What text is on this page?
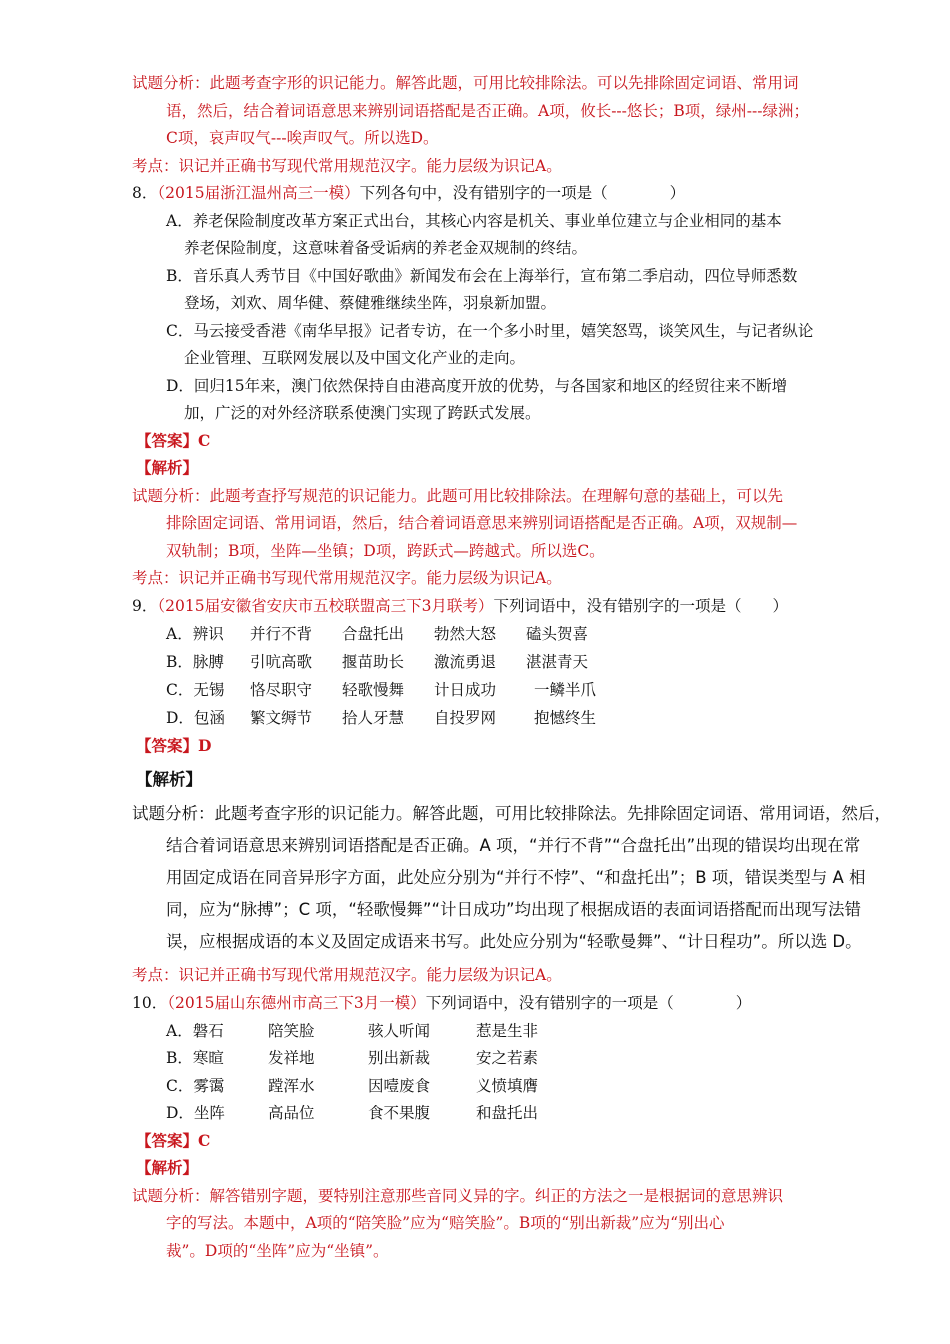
试题分析：此题考查字形的识记能力。解答此题，可用比较排除法。可以先排除固定词语、常用词
语，然后，结合着词语意思来辨别词语搭配是否正确。A项，攸长---悠长；B项，绿州---绿洲；
C项，哀声叹气---唉声叹气。所以选D。
考点：识记并正确书写现代常用规范汉字。能力层级为识记A。
8．（2015届浙江温州高三一模）下列各句中，没有错别字的一项是（　　　　）
A．养老保险制度改革方案正式出台，其核心内容是机关、事业单位建立与企业相同的基本
养老保险制度，这意味着备受诟病的养老金双规制的终结。
B．音乐真人秀节目《中国好歌曲》新闻发布会在上海举行，宣布第二季启动，四位导师悉数
登场，刘欢、周华健、蔡健雅继续坐阵，羽泉新加盟。
C．马云接受香港《南华早报》记者专访，在一个多小时里，嬉笑怒骂，谈笑风生，与记者纵论
企业管理、互联网发展以及中国文化产业的走向。
D．回归15年来，澳门依然保持自由港高度开放的优势，与各国家和地区的经贸往来不断增
加，广泛的对外经济联系使澳门实现了跨跃式发展。
【答案】C
【解析】
试题分析：此题考查抒写规范的识记能力。此题可用比较排除法。在理解句意的基础上，可以先
排除固定词语、常用词语，然后，结合着词语意思来辨别词语搭配是否正确。A项，双规制—
双轨制；B项，坐阵—坐镇；D项，跨跃式—跨越式。所以选C。
考点：识记并正确书写现代常用规范汉字。能力层级为识记A。
9．（2015届安徽省安庆市五校联盟高三下3月联考）下列词语中，没有错别字的一项是（　　）
A．辨识 并行不背 合盘托出 勃然大怒 磕头贺喜
B．脉膊 引吭高歌 揠苗助长 激流勇退 湛湛青天
C．无锡 恪尽职守 轻歌慢舞 计日成功 一鳞半爪
D．包涵 繁文缛节 拾人牙慧 自投罗网 抱憾终生
【答案】D
【解析】
试题分析：此题考查字形的识记能力。解答此题，可用比较排除法。先排除固定词语、常用词语，然后，
结合着词语意思来辨别词语搭配是否正确。A 项，“并行不背”“合盘托出”出现的错误均出现在常
用固定成语在同音异形字方面，此处应分别为“并行不悖”、“和盘托出”；B 项，错误类型与 A 相
同，应为“脉搏”；C 项，“轻歌慢舞”“计日成功”均出现了根据成语的表面词语搭配而出现写法错
误，应根据成语的本义及固定成语来书写。此处应分别为“轻歌曼舞”、“计日程功”。所以选 D。
考点：识记并正确书写现代常用规范汉字。能力层级为识记A。
10．（2015届山东德州市高三下3月一模）下列词语中，没有错别字的一项是（　　　　）
A．磐石	陪笑脸	骇人听闻	惹是生非
B．寒暄	发祥地	别出新裁	安之若素
C．雾霭	蹚浑水	因噎废食	义愤填膺
D．坐阵	高品位	食不果腹	和盘托出
【答案】C
【解析】
试题分析：解答错别字题，要特别注意那些音同义异的字。纠正的方法之一是根据词的意思辨识
字的写法。本题中，A项的“陪笑脸”应为“赔笑脸”。B项的“别出新裁”应为“别出心
裁”。D项的“坐阵”应为“坐镇”。
